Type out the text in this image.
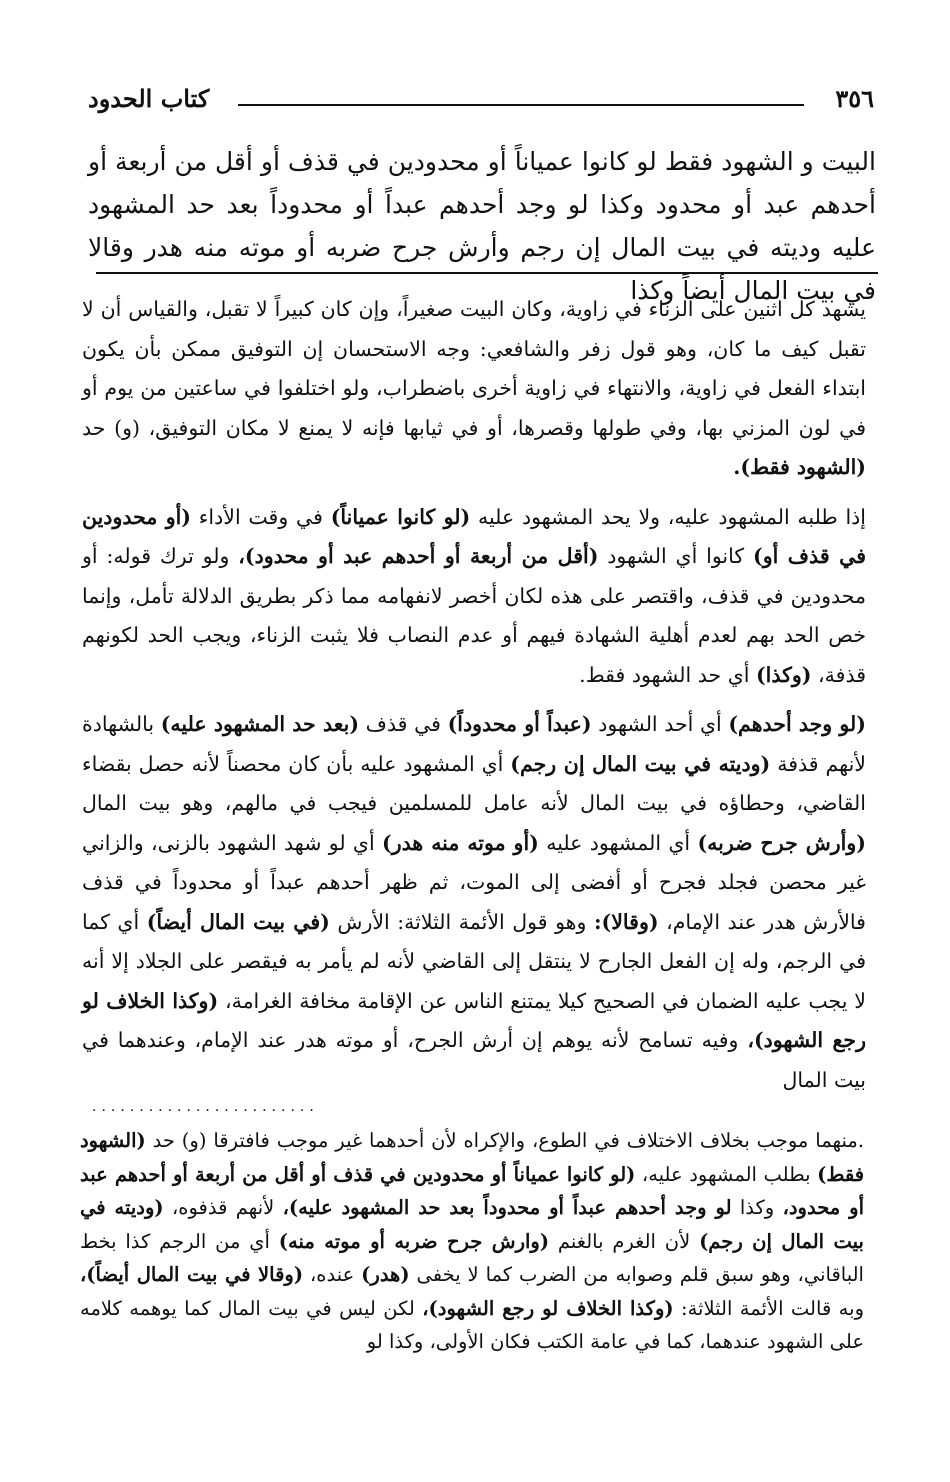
٣٥٦
كتاب الحدود

البيت و الشهود فقط لو كانوا عمياناً أو محدودين في قذف أو أقل من أربعة أو أحدهم عبد أو محدود وكذا لو وجد أحدهم عبداً أو محدوداً بعد حد المشهود عليه وديته في بيت المال إن رجم وأرش جرح ضربه أو موته منه هدر وقالا في بيت المال أيضاً وكذا

يشهد كل اثنين على الزناء في زاوية، وكان البيت صغيراً، وإن كان كبيراً لا تقبل، والقياس أن لا تقبل كيف ما كان، وهو قول زفر والشافعي: وجه الاستحسان إن التوفيق ممكن بأن يكون ابتداء الفعل في زاوية، والانتهاء في زاوية أخرى باضطراب، ولو اختلفوا في ساعتين من يوم أو في لون المزني بها، وفي طولها وقصرها، أو في ثيابها فإنه لا يمنع لا مكان التوفيق، (و) حد (الشهود فقط).

إذا طلبه المشهود عليه، ولا يحد المشهود عليه (لو كانوا عمياناً) في وقت الأداء (أو محدودين في قذف أو) كانوا أي الشهود (أقل من أربعة أو أحدهم عبد أو محدود)، ولو ترك قوله: أو محدودين في قذف، واقتصر على هذه لكان أخصر لانفهامه مما ذكر بطريق الدلالة تأمل، وإنما خص الحد بهم لعدم أهلية الشهادة فيهم أو عدم النصاب فلا يثبت الزناء، ويجب الحد لكونهم قذفة، (وكذا) أي حد الشهود فقط.

(لو وجد أحدهم) أي أحد الشهود (عبداً أو محدوداً) في قذف (بعد حد المشهود عليه) بالشهادة لأنهم قذفة (وديته في بيت المال إن رجم) أي المشهود عليه بأن كان محصناً لأنه حصل بقضاء القاضي، وحطاؤه في بيت المال لأنه عامل للمسلمين فيجب في مالهم، وهو بيت المال (وأرش جرح ضربه) أي المشهود عليه (أو موته منه هدر) أي لو شهد الشهود بالزنى، والزاني غير محصن فجلد فجرح أو أفضى إلى الموت، ثم ظهر أحدهم عبداً أو محدوداً في قذف فالأرش هدر عند الإمام، (وقالا): وهو قول الأئمة الثلاثة: الأرش (في بيت المال أيضاً) أي كما في الرجم، وله إن الفعل الجارح لا ينتقل إلى القاضي لأنه لم يأمر به فيقصر على الجلاد إلا أنه لا يجب عليه الضمان في الصحيح كيلا يمتنع الناس عن الإقامة مخافة الغرامة، (وكذا الخلاف لو رجع الشهود)، وفيه تسامح لأنه يوهم إن أرش الجرح، أو موته هدر عند الإمام، وعندهما في بيت المال

........................

.منهما موجب بخلاف الاختلاف في الطوع، والإكراه لأن أحدهما غير موجب فافترقا (و) حد (الشهود فقط) بطلب المشهود عليه، (لو كانوا عمياناً أو محدودين في قذف أو أقل من أربعة أو أحدهم عبد أو محدود، وكذا لو وجد أحدهم عبداً أو محدوداً بعد حد المشهود عليه)، لأنهم قذفوه، (وديته في بيت المال إن رجم) لأن الغرم بالغنم (وارش جرح ضربه أو موته منه) أي من الرجم كذا بخط الباقاني، وهو سبق قلم وصوابه من الضرب كما لا يخفى (هدر) عنده، (وقالا في بيت المال أيضاً)، وبه قالت الأئمة الثلاثة: (وكذا الخلاف لو رجع الشهود)، لكن ليس في بيت المال كما يوهمه كلامه على الشهود عندهما، كما في عامة الكتب فكان الأولى، وكذا لو
